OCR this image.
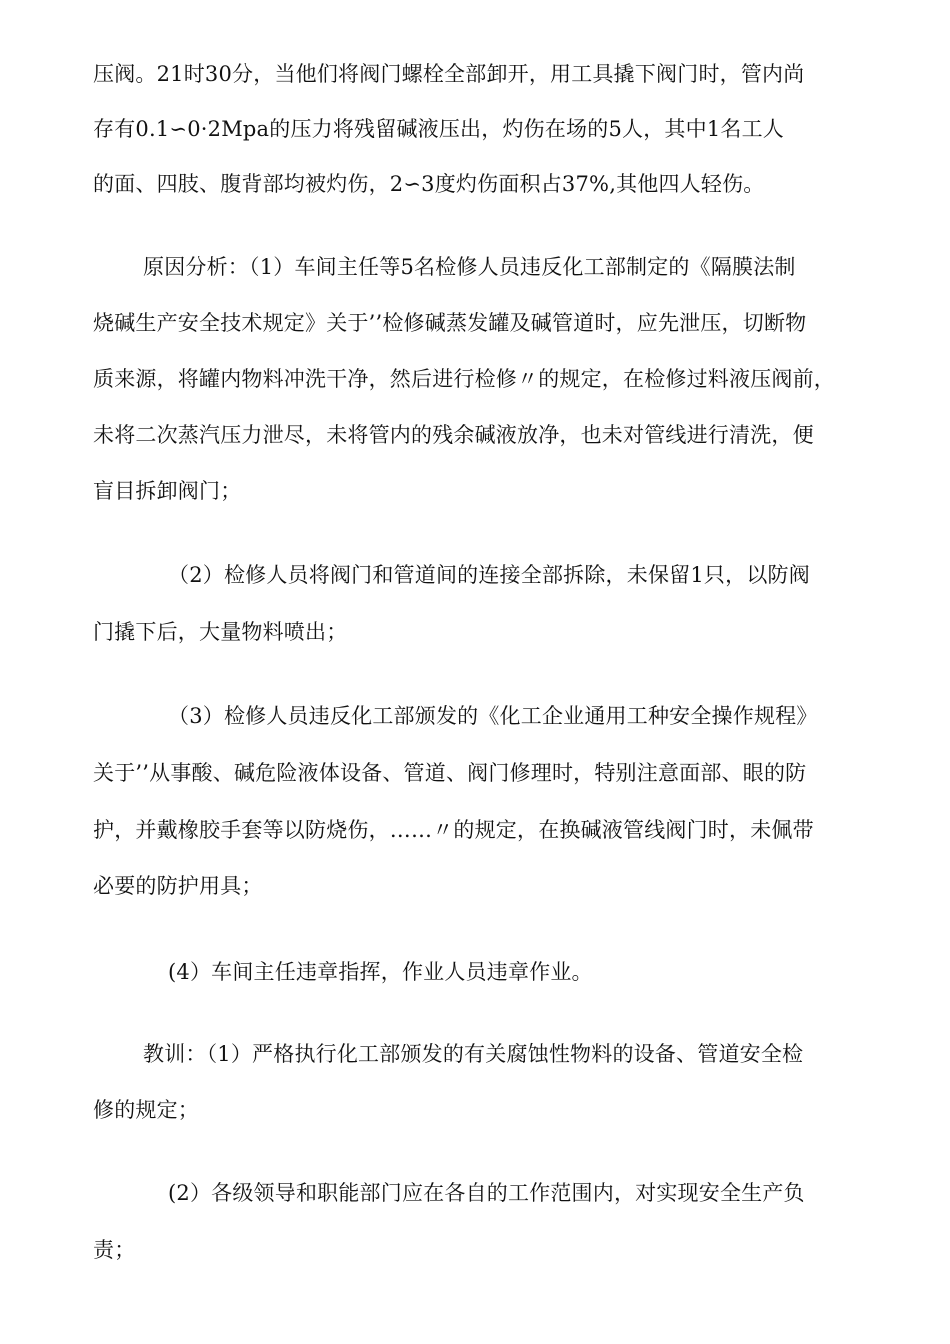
压阀。21时30分，当他们将阀门螺栓全部卸开，用工具撬下阀门时，管内尚
存有0.1∽0·2Mpa的压力将残留碱液压出，灼伤在场的5人，其中1名工人
的面、四肢、腹背部均被灼伤，2∽3度灼伤面积占37%,其他四人轻伤。
原因分析：（1）车间主任等5名检修人员违反化工部制定的《隔膜法制
烧碱生产安全技术规定》关于’’检修碱蒸发罐及碱管道时，应先泄压，切断物
质来源，将罐内物料冲洗干净，然后进行检修〃的规定，在检修过料液压阀前，
未将二次蒸汽压力泄尽，未将管内的残余碱液放净，也未对管线进行清洗，便
盲目拆卸阀门；
（2）检修人员将阀门和管道间的连接全部拆除，未保留1只，以防阀
门撬下后，大量物料喷出；
（3）检修人员违反化工部颁发的《化工企业通用工种安全操作规程》
关于’’从事酸、碱危险液体设备、管道、阀门修理时，特别注意面部、眼的防
护，并戴橡胶手套等以防烧伤，……〃的规定，在换碱液管线阀门时，未佩带
必要的防护用具；
(4）车间主任违章指挥，作业人员违章作业。
教训：（1）严格执行化工部颁发的有关腐蚀性物料的设备、管道安全检
修的规定；
(2）各级领导和职能部门应在各自的工作范围内，对实现安全生产负
责；
